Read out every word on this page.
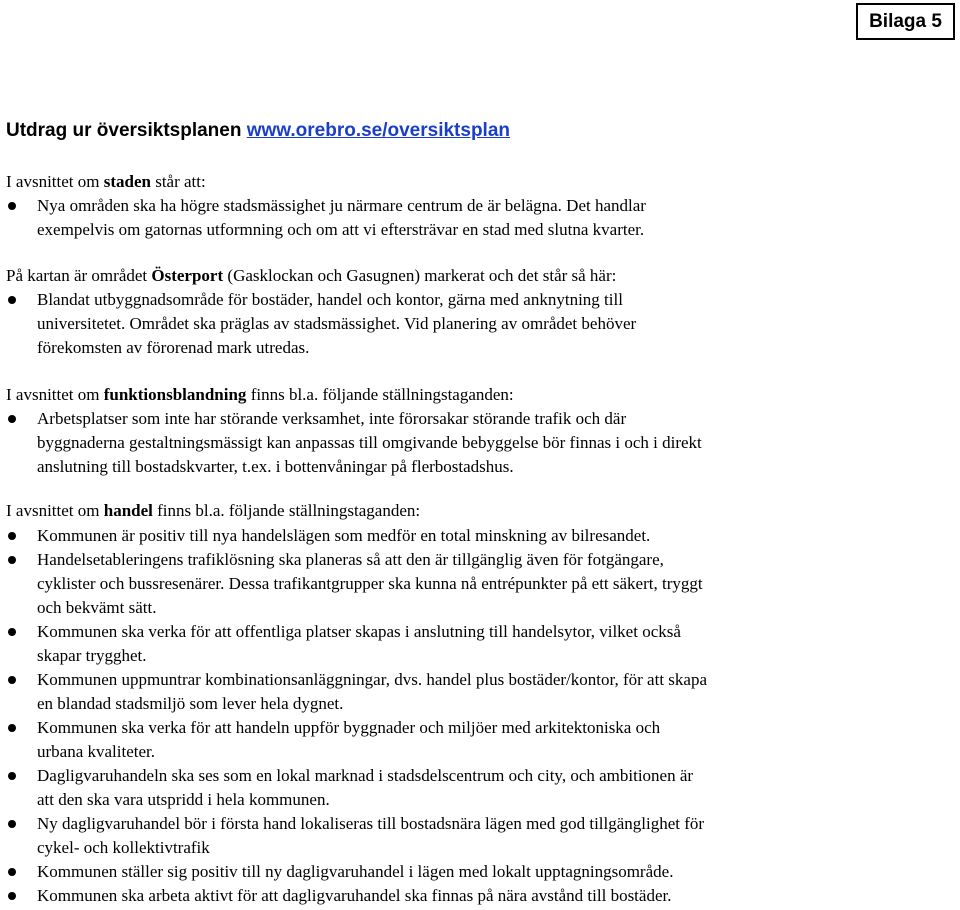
Bilaga 5
Utdrag ur översiktsplanen www.orebro.se/oversiktsplan

I avsnittet om staden står att:

Nya områden ska ha högre stadsmässighet ju närmare centrum de är belägna. Det handlar
exempelvis om gatornas utformning och om att vi eftersträvar en stad med slutna kvarter.

På kartan är området Österport (Gasklockan och Gasugnen) markerat och det står så här:

Blandat utbyggnadsområde för bostäder, handel och kontor, gärna med anknytning till
universitetet. Området ska präglas av stadsmässighet. Vid planering av området behöver
förekomsten av förorenad mark utredas.

I avsnittet om funktionsblandning finns bl.a. följande ställningstaganden:

Arbetsplatser som inte har störande verksamhet, inte förorsakar störande trafik och där
byggnaderna gestaltningsmässigt kan anpassas till omgivande bebyggelse bör finnas i och i direkt
anslutning till bostadskvarter, t.ex. i bottenvåningar på flerbostadshus.

I avsnittet om handel finns bl.a. följande ställningstaganden:

Kommunen är positiv till nya handelslägen som medför en total minskning av bilresandet.
Handelsetableringens trafiklösning ska planeras så att den är tillgänglig även för fotgängare,
cyklister och bussresenärer. Dessa trafikantgrupper ska kunna nå entrépunkter på ett säkert, tryggt
och bekvämt sätt.
Kommunen ska verka för att offentliga platser skapas i anslutning till handelsytor, vilket också
skapar trygghet.
Kommunen uppmuntrar kombinationsanläggningar, dvs. handel plus bostäder/kontor, för att skapa
en blandad stadsmiljö som lever hela dygnet.
Kommunen ska verka för att handeln uppför byggnader och miljöer med arkitektoniska och
urbana kvaliteter.
Dagligvaruhandeln ska ses som en lokal marknad i stadsdelscentrum och city, och ambitionen är
att den ska vara utspridd i hela kommunen.
Ny dagligvaruhandel bör i första hand lokaliseras till bostadsnära lägen med god tillgänglighet för
cykel- och kollektivtrafik
Kommunen ställer sig positiv till ny dagligvaruhandel i lägen med lokalt upptagningsområde.
Kommunen ska arbeta aktivt för att dagligvaruhandel ska finnas på nära avstånd till bostäder.
